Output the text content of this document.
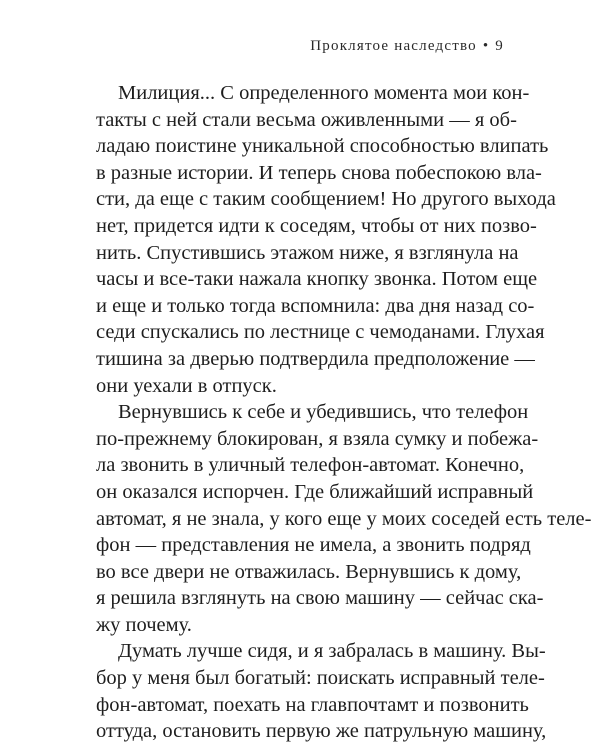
Проклятое наследство • 9
Милиция... С определенного момента мои кон-
такты с ней стали весьма оживленными — я об-
ладаю поистине уникальной способностью влипать
в разные истории. И теперь снова побеспокою вла-
сти, да еще с таким сообщением! Но другого выхода
нет, придется идти к соседям, чтобы от них позво-
нить. Спустившись этажом ниже, я взглянула на
часы и все-таки нажала кнопку звонка. Потом еще
и еще и только тогда вспомнила: два дня назад со-
седи спускались по лестнице с чемоданами. Глухая
тишина за дверью подтвердила предположение —
они уехали в отпуск.
Вернувшись к себе и убедившись, что телефон
по-прежнему блокирован, я взяла сумку и побежа-
ла звонить в уличный телефон-автомат. Конечно,
он оказался испорчен. Где ближайший исправный
автомат, я не знала, у кого еще у моих соседей есть теле-
фон — представления не имела, а звонить подряд
во все двери не отважилась. Вернувшись к дому,
я решила взглянуть на свою машину — сейчас ска-
жу почему.
Думать лучше сидя, и я забралась в машину. Вы-
бор у меня был богатый: поискать исправный теле-
фон-автомат, поехать на главпочтамт и позвонить
оттуда, остановить первую же патрульную машину,
